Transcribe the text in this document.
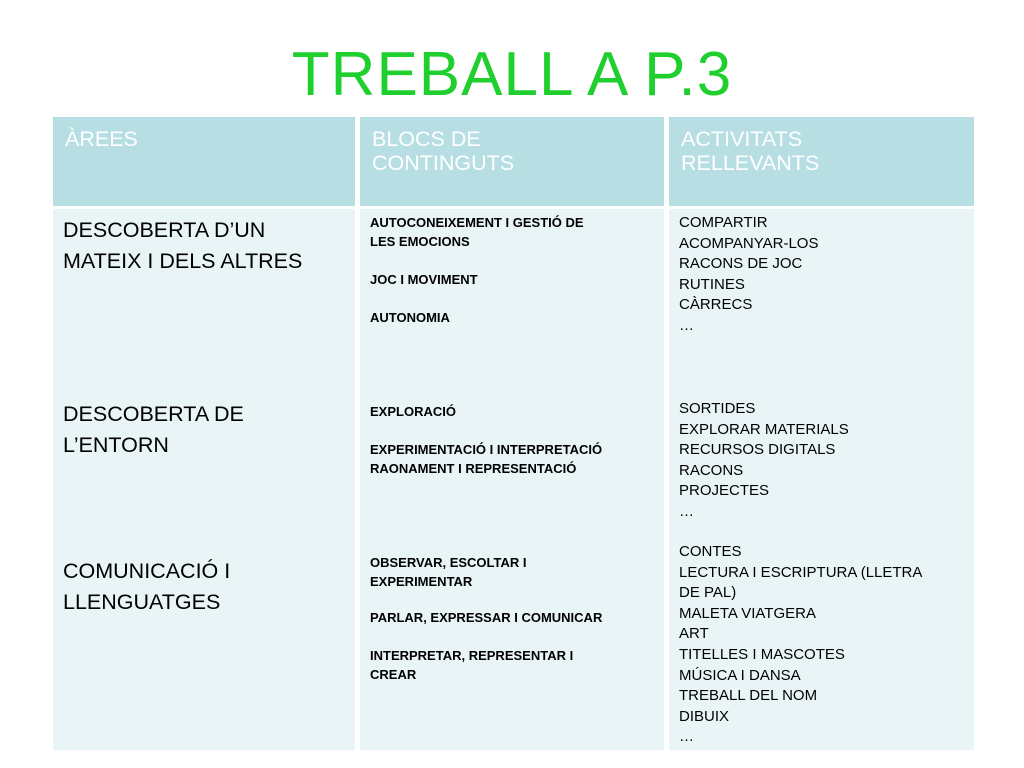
TREBALL A P.3
ÀREES	BLOCS DE
CONTINGUTS
ACTIVITATS
RELLEVANTS
DESCOBERTA D’UN
MATEIX I DELS ALTRES
DESCOBERTA DE
L’ENTORN
COMUNICACIÓ I
LLENGUATGES
AUTOCONEIXEMENT I GESTIÓ DE
LES EMOCIONS
JOC I MOVIMENT
AUTONOMIA
EXPLORACIÓ
EXPERIMENTACIÓ I INTERPRETACIÓ
RAONAMENT I REPRESENTACIÓ
OBSERVAR, ESCOLTAR I
EXPERIMENTAR
PARLAR, EXPRESSAR I COMUNICAR
INTERPRETAR, REPRESENTAR I
CREAR
COMPARTIR
ACOMPANYAR-LOS
RACONS DE JOC
RUTINES
CÀRRECS
…
SORTIDES
EXPLORAR MATERIALS
RECURSOS DIGITALS
RACONS
PROJECTES
…
CONTES
LECTURA I ESCRIPTURA (LLETRA
DE PAL)
MALETA VIATGERA
ART
TITELLES I MASCOTES
MÚSICA I DANSA
TREBALL DEL NOM
DIBUIX
…
